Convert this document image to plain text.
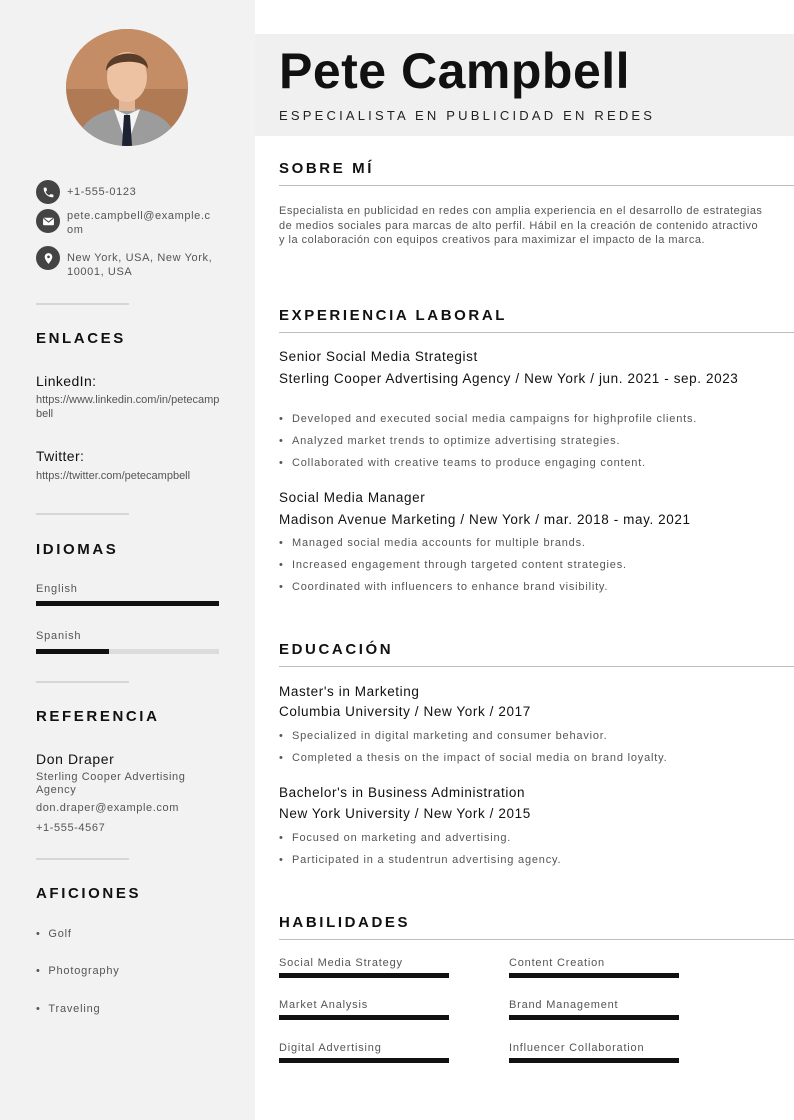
+1-555-0123
pete.campbell@example.com
New York, USA, New York, 10001, USA
ENLACES
LinkedIn:
https://www.linkedin.com/in/petecampbell
Twitter:
https://twitter.com/petecampbell
IDIOMAS
English
Spanish
REFERENCIA
Don Draper
Sterling Cooper Advertising Agency
don.draper@example.com
+1-555-4567
AFICIONES
•  Golf
•  Photography
•  Traveling
Pete Campbell
ESPECIALISTA EN PUBLICIDAD EN REDES
SOBRE MÍ
Especialista en publicidad en redes con amplia experiencia en el desarrollo de estrategias de medios sociales para marcas de alto perfil. Hábil en la creación de contenido atractivo y la colaboración con equipos creativos para maximizar el impacto de la marca.
EXPERIENCIA LABORAL
Senior Social Media Strategist
Sterling Cooper Advertising Agency / New York / jun. 2021 - sep. 2023
• Developed and executed social media campaigns for highprofile clients.
• Analyzed market trends to optimize advertising strategies.
• Collaborated with creative teams to produce engaging content.
Social Media Manager
Madison Avenue Marketing / New York / mar. 2018 - may. 2021
• Managed social media accounts for multiple brands.
• Increased engagement through targeted content strategies.
• Coordinated with influencers to enhance brand visibility.
EDUCACIÓN
Master's in Marketing
Columbia University / New York / 2017
• Specialized in digital marketing and consumer behavior.
• Completed a thesis on the impact of social media on brand loyalty.
Bachelor's in Business Administration
New York University / New York / 2015
• Focused on marketing and advertising.
• Participated in a studentrun advertising agency.
HABILIDADES
Social Media Strategy	Content Creation
Market Analysis	Brand Management
Digital Advertising	Influencer Collaboration
